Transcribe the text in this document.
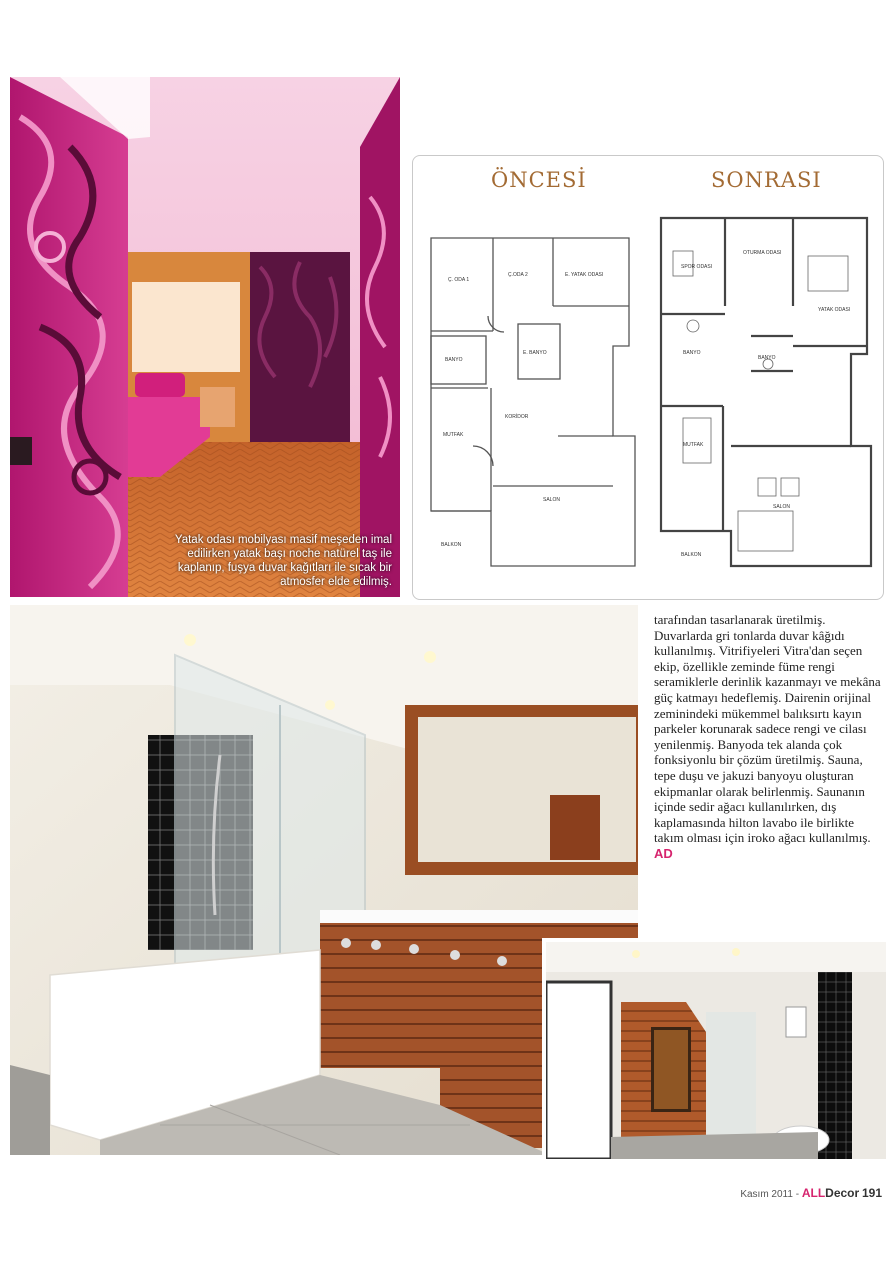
Yatak odası mobilyası masif meşeden imal edilirken yatak başı noche natürel taş ile kaplanıp, fuşya duvar kağıtları ile sıcak bir atmosfer elde edilmiş.
ÖNCESİ	SONRASI
Ç. ODA 1
Ç.ODA 2	E. YATAK ODASI
BANYO
E. BANYO
MUTFAK
KORİDOR
SALON
BALKON
SPOR ODASI
OTURMA ODASI
YATAK ODASI
BANYO
BANYO
MUTFAK
SALON
BALKON
tarafından tasarlanarak üretilmiş. Duvarlarda gri tonlarda duvar kâğıdı kullanılmış. Vitrifiyeleri Vitra'dan seçen ekip, özellikle zeminde füme rengi seramiklerle derinlik kazanmayı ve mekâna güç katmayı hedeflemiş. Dairenin orijinal zeminindeki mükemmel balıksırtı kayın parkeler korunarak sadece rengi ve cilası yenilenmiş. Banyoda tek alanda çok fonksiyonlu bir çözüm üretilmiş. Sauna, tepe duşu ve jakuzi banyoyu oluşturan ekipmanlar olarak belirlenmiş. Saunanın içinde sedir ağacı kullanılırken, dış kaplamasında hilton lavabo ile birlikte takım olması için iroko ağacı kullanılmış. AD
Kasım 2011 - ALLDecor 191
